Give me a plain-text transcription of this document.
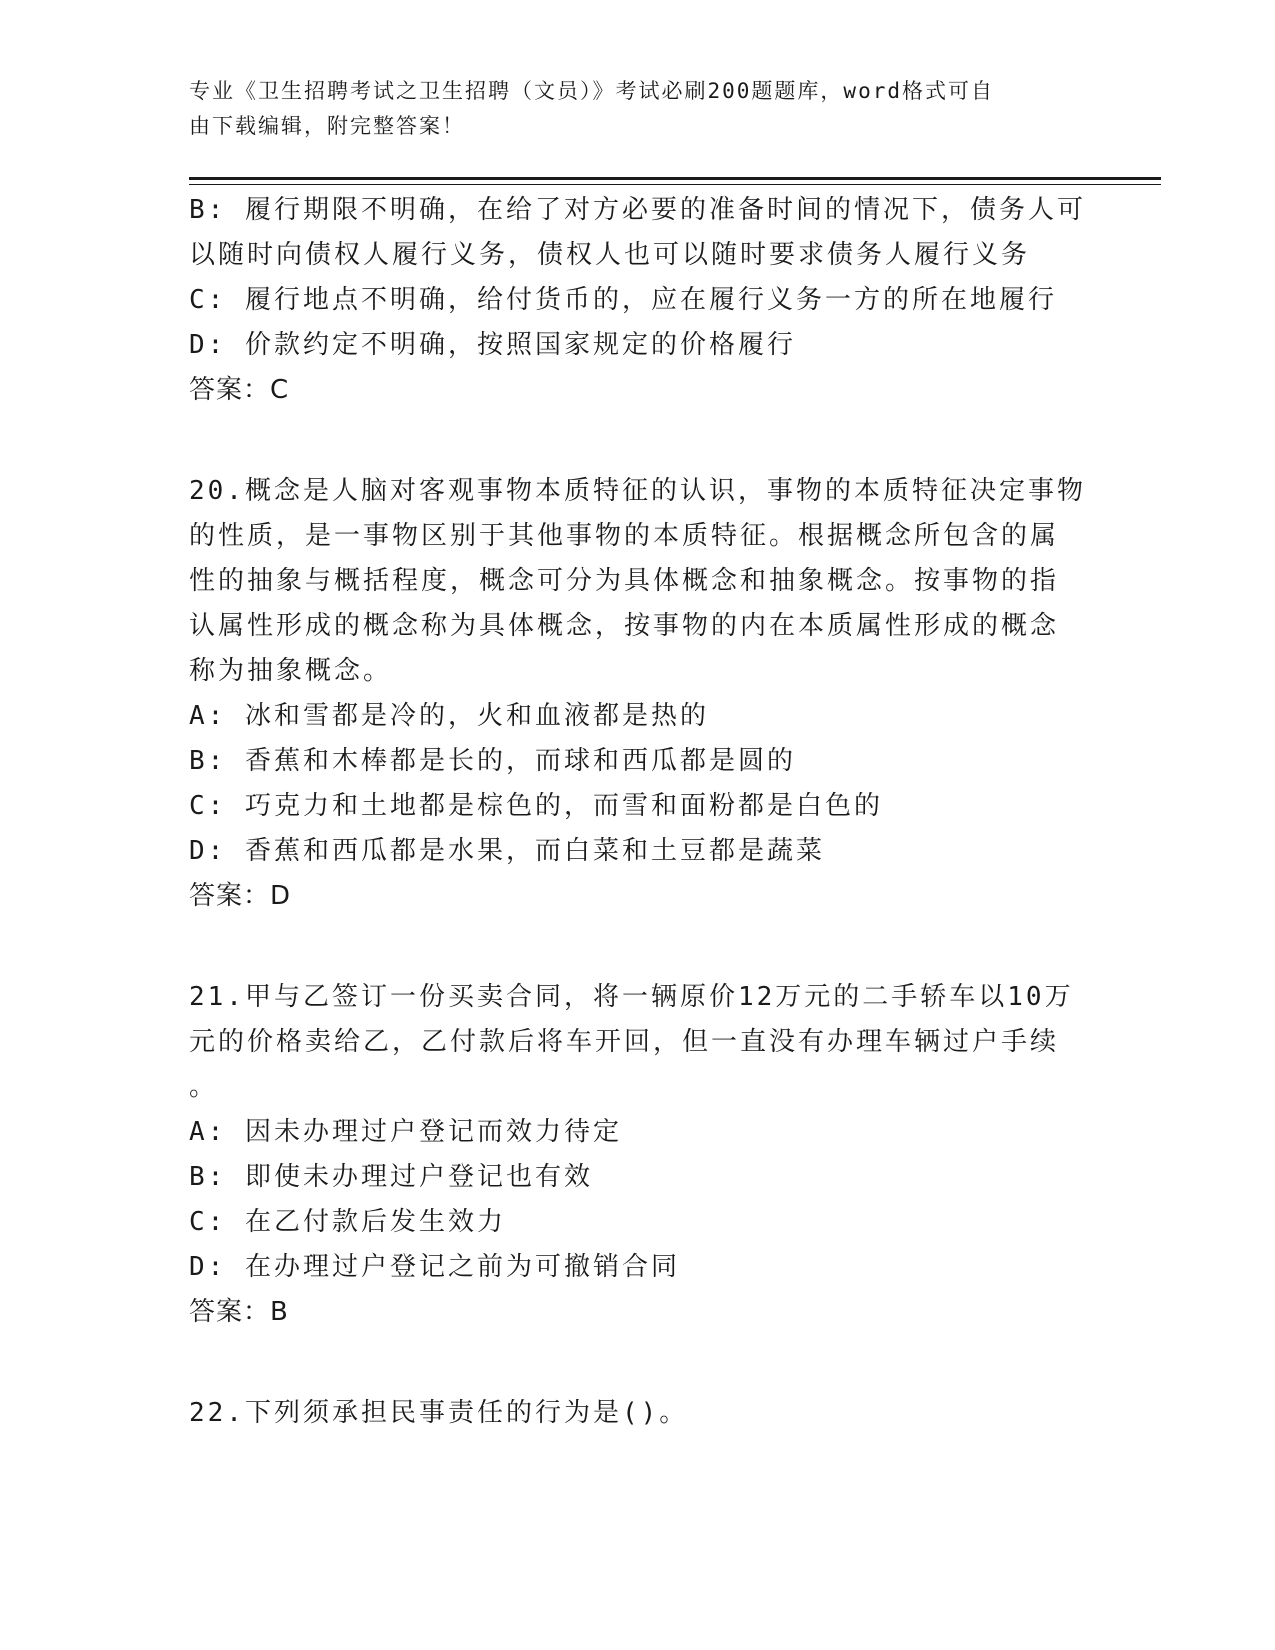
专业《卫生招聘考试之卫生招聘（文员）》考试必刷200题题库，word格式可自
由下载编辑，附完整答案！
B: 履行期限不明确，在给了对方必要的准备时间的情况下，债务人可
以随时向债权人履行义务，债权人也可以随时要求债务人履行义务
C: 履行地点不明确，给付货币的，应在履行义务一方的所在地履行
D: 价款约定不明确，按照国家规定的价格履行
答案：C
20.概念是人脑对客观事物本质特征的认识，事物的本质特征决定事物
的性质，是一事物区别于其他事物的本质特征。根据概念所包含的属
性的抽象与概括程度，概念可分为具体概念和抽象概念。按事物的指
认属性形成的概念称为具体概念，按事物的内在本质属性形成的概念
称为抽象概念。
A: 冰和雪都是冷的，火和血液都是热的
B: 香蕉和木棒都是长的，而球和西瓜都是圆的
C: 巧克力和土地都是棕色的，而雪和面粉都是白色的
D: 香蕉和西瓜都是水果，而白菜和土豆都是蔬菜
答案：D
21.甲与乙签订一份买卖合同，将一辆原价12万元的二手轿车以10万
元的价格卖给乙，乙付款后将车开回，但一直没有办理车辆过户手续
。
A: 因未办理过户登记而效力待定
B: 即使未办理过户登记也有效
C: 在乙付款后发生效力
D: 在办理过户登记之前为可撤销合同
答案：B
22.下列须承担民事责任的行为是()。
